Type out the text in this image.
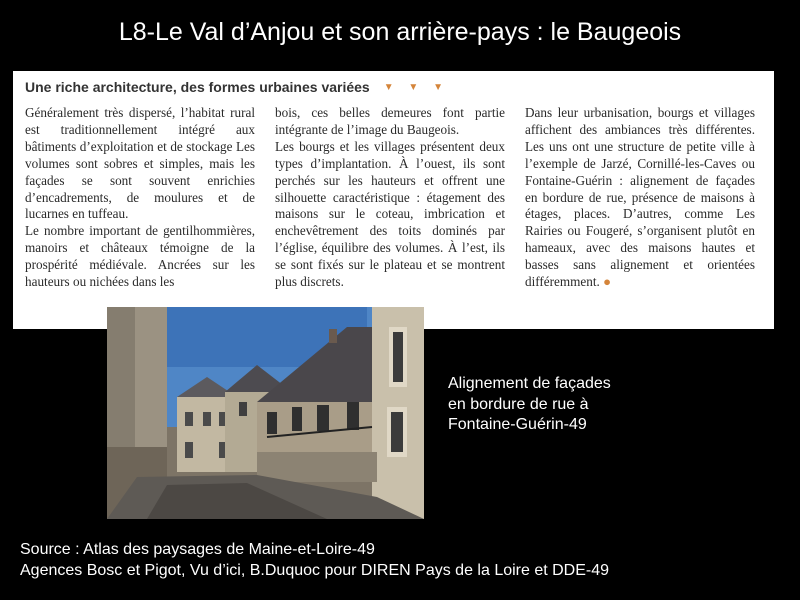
L8-Le Val d’Anjou et son arrière-pays : le Baugeois
Une riche architecture, des formes urbaines variées ▼ ▼ ▼

Généralement très dispersé, l’habitat rural est traditionnellement intégré aux bâtiments d’exploitation et de stockage Les volumes sont sobres et simples, mais les façades se sont souvent enrichies d’encadrements, de moulures et de lucarnes en tuffeau.

Le nombre important de gentilhommières, manoirs et châteaux témoigne de la prospérité médiévale. Ancrées sur les hauteurs ou nichées dans les

bois, ces belles demeures font partie intégrante de l’image du Baugeois.

Les bourgs et les villages présentent deux types d’implantation. À l’ouest, ils sont perchés sur les hauteurs et offrent une silhouette caractéristique : étagement des maisons sur le coteau, imbrication et enchevêtrement des toits dominés par l’église, équilibre des volumes. À l’est, ils se sont fixés sur le plateau et se montrent plus discrets.

Dans leur urbanisation, bourgs et villages affichent des ambiances très différentes. Les uns ont une structure de petite ville à l’exemple de Jarzé, Cornillé-les-Caves ou Fontaine-Guérin : alignement de façades en bordure de rue, présence de maisons à étages, places. D’autres, comme Les Rairies ou Fougeré, s’organisent plutôt en hameaux, avec des maisons hautes et basses sans alignement et orientées différemment. ●

Alignement de façades
en bordure de rue à
Fontaine-Guérin-49
Source : Atlas des paysages de Maine-et-Loire-49
Agences Bosc et Pigot, Vu d’ici, B.Duquoc pour DIREN Pays de la Loire et DDE-49
